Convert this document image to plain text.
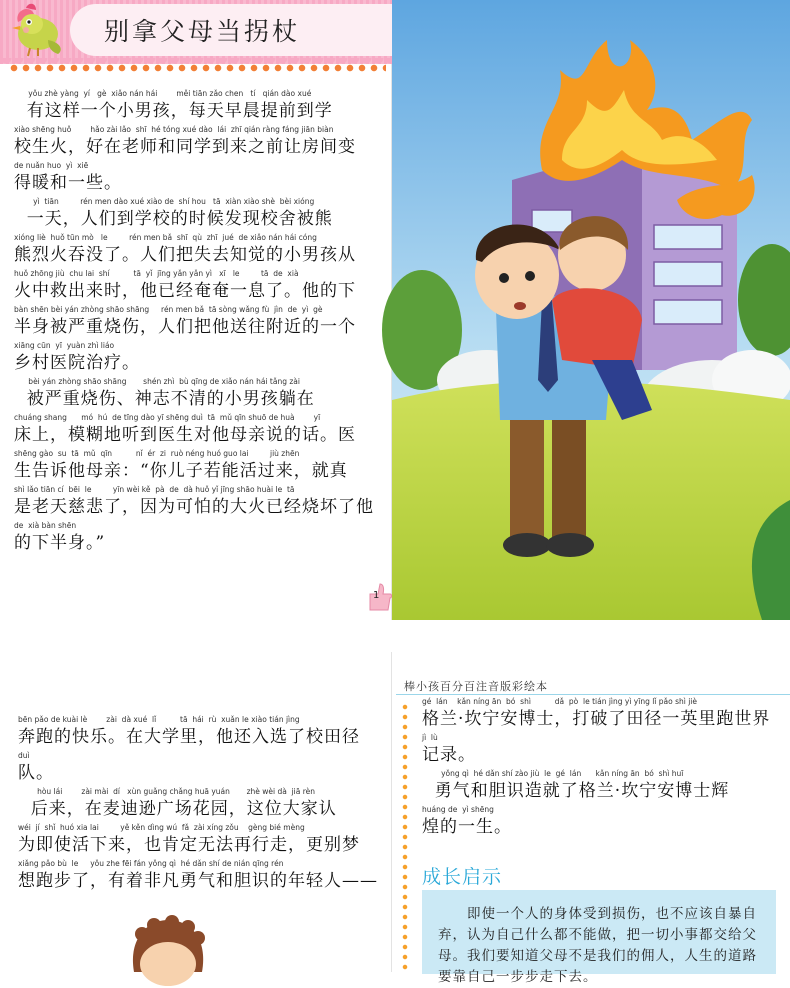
别拿父母当拐杖
yǒu zhè yàng  yí   gè  xiǎo nán hái        měi tiān zǎo chen   tí   qián dào xué
有这样一个小男孩，每天早晨提前到学
xiào shēng huǒ        hǎo zài lǎo  shī  hé tóng xué dào  lái  zhī qián ràng fáng jiān biàn
校生火，好在老师和同学到来之前让房间变
de nuǎn huo  yì  xiē
得暖和一些。
yì  tiān         rén men dào xué xiào de  shí hou   tā  xiàn xiào shè  bèi xióng
一天，人们到学校的时候发现校舍被熊
xióng liè  huǒ tūn mò   le         rén men bǎ  shī  qù  zhī  jué  de xiǎo nán hái cóng
熊烈火吞没了。人们把失去知觉的小男孩从
huǒ zhōng jiù  chu lai  shí          tā  yǐ  jīng yǎn yǎn yì   xī   le         tā  de  xià
火中救出来时，他已经奄奄一息了。他的下
bàn shēn bèi yán zhòng shāo shāng     rén men bǎ  tā sòng wǎng fù  jìn  de  yì  gè
半身被严重烧伤，人们把他送往附近的一个
xiāng cūn  yī  yuàn zhì liáo
乡村医院治疗。
bèi yán zhòng shāo shāng       shén zhì  bù qīng de xiǎo nán hái tǎng zài
被严重烧伤、神志不清的小男孩躺在
chuáng shang      mó  hú  de tīng dào yī shēng duì  tā  mǔ qīn shuō de huà        yī
床上，模糊地听到医生对他母亲说的话。医
shēng gào  su  tā  mǔ  qīn          nǐ  ér  zi  ruò néng huó guo lai         jiù zhēn
生告诉他母亲：“你儿子若能活过来，就真
shì lǎo tiān cí  bēi  le         yīn wèi kě  pà  de  dà huǒ yǐ jīng shāo huài le  tā
是老天慈悲了，因为可怕的大火已经烧坏了他
de  xià bàn shēn
的下半身。”
1
bēn pǎo de kuài lè        zài  dà xué  lǐ          tā  hái  rù  xuǎn le xiào tián jìng
奔跑的快乐。在大学里，他还入选了校田径
duì
队。
hòu lái        zài mài  dí   xùn guǎng chǎng huā yuán       zhè wèi dà  jiā rèn
后来，在麦迪逊广场花园，这位大家认
wéi  jí  shǐ  huó xia lai         yě kěn dìng wú  fǎ  zài xíng zǒu    gèng bié mèng
为即使活下来，也肯定无法再行走，更别梦
xiǎng pǎo bù  le     yǒu zhe fēi fán yǒng qì  hé dǎn shí de nián qīng rén
想跑步了，有着非凡勇气和胆识的年轻人——
棒小孩百分百注音版彩绘本
gé  lán    kǎn níng ān  bó  shì          dǎ  pò  le tián jìng yì yīng lǐ pǎo shì jiè
格兰·坎宁安博士，打破了田径一英里跑世界
jì  lù
记录。
yǒng qì  hé dǎn shí zào jiù  le  gé  lán      kǎn níng ān  bó  shì huī
勇气和胆识造就了格兰·坎宁安博士辉
huáng de  yì shēng
煌的一生。
成长启示
　　即使一个人的身体受到损伤，也不应该自暴自弃，认为自己什么都不能做，把一切小事都交给父母。我们要知道父母不是我们的佣人，人生的道路要靠自己一步步走下去。
